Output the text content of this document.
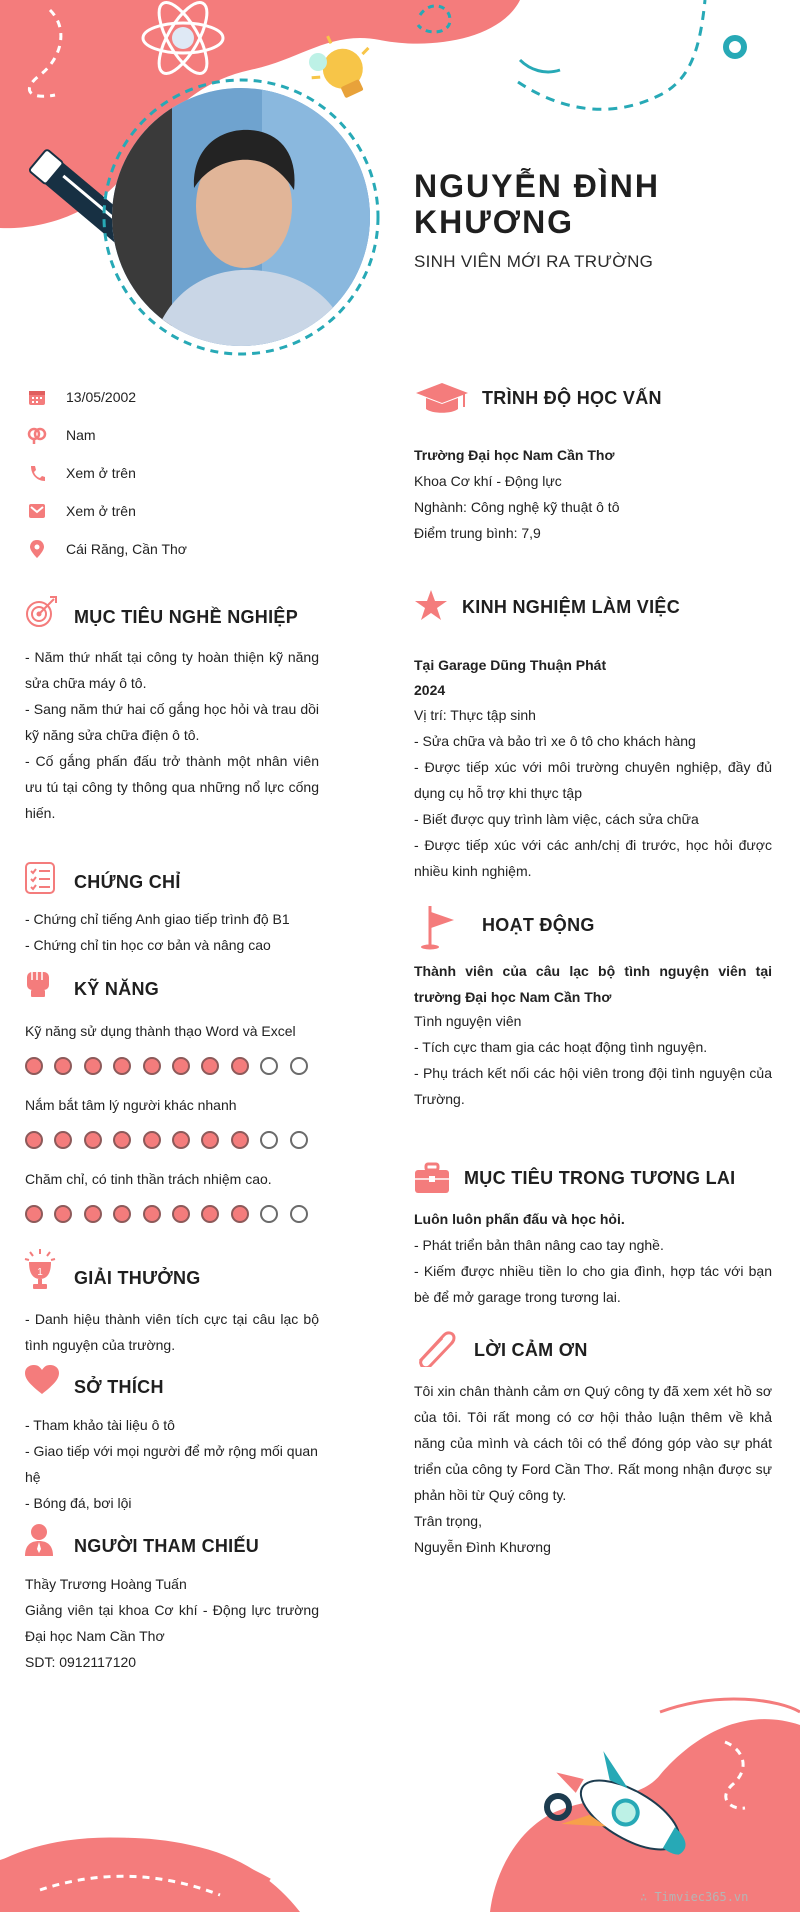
NGUYỄN ĐÌNH KHƯƠNG
SINH VIÊN MỚI RA TRƯỜNG
13/05/2002
Nam
Xem ở trên
Xem ở trên
Cái Răng, Cần Thơ
MỤC TIÊU NGHỀ NGHIỆP
- Năm thứ nhất tại công ty hoàn thiện kỹ năng sửa chữa máy ô tô.
- Sang năm thứ hai cố gắng học hỏi và trau dồi kỹ năng sửa chữa điện ô tô.
- Cố gắng phấn đấu trở thành một nhân viên ưu tú tại công ty thông qua những nổ lực cống hiến.
CHỨNG CHỈ
- Chứng chỉ tiếng Anh giao tiếp trình độ B1
- Chứng chỉ tin học cơ bản và nâng cao
KỸ NĂNG
Kỹ năng sử dụng thành thạo Word và Excel
Nắm bắt tâm lý người khác nhanh
Chăm chỉ, có tinh thần trách nhiệm cao.
1 GIẢI THƯỞNG
- Danh hiệu thành viên tích cực tại câu lạc bộ tình nguyện của trường.
SỞ THÍCH
- Tham khảo tài liệu ô tô
- Giao tiếp với mọi người để mở rộng mối quan hệ
- Bóng đá, bơi lội
NGƯỜI THAM CHIẾU
Thầy Trương Hoàng Tuấn
Giảng viên tại khoa Cơ khí - Động lực trường Đại học Nam Cần Thơ
SDT: 0912117120
TRÌNH ĐỘ HỌC VẤN
Trường Đại học Nam Cần Thơ
Khoa Cơ khí - Động lực
Nghành: Công nghệ kỹ thuật ô tô
Điểm trung bình: 7,9
KINH NGHIỆM LÀM VIỆC
Tại Garage Dũng Thuận Phát
2024
Vị trí: Thực tập sinh
- Sửa chữa và bảo trì xe ô tô cho khách hàng
- Được tiếp xúc với môi trường chuyên nghiệp, đầy đủ dụng cụ hỗ trợ khi thực tập
- Biết được quy trình làm việc, cách sửa chữa
- Được tiếp xúc với các anh/chị đi trước, học hỏi được nhiều kinh nghiệm.
HOẠT ĐỘNG
Thành viên của câu lạc bộ tình nguyện viên tại trường Đại học Nam Cần Thơ
Tình nguyện viên
- Tích cực tham gia các hoạt động tình nguyện.
- Phụ trách kết nối các hội viên trong đội tình nguyện của Trường.
MỤC TIÊU TRONG TƯƠNG LAI
Luôn luôn phấn đấu và học hỏi.
- Phát triển bản thân nâng cao tay nghề.
- Kiếm được nhiều tiền lo cho gia đình, hợp tác với bạn bè để mở garage trong tương lai.
LỜI CẢM ƠN
Tôi xin chân thành cảm ơn Quý công ty đã xem xét hồ sơ của tôi. Tôi rất mong có cơ hội thảo luận thêm về khả năng của mình và cách tôi có thể đóng góp vào sự phát triển của công ty Ford Cần Thơ. Rất mong nhận được sự phản hồi từ Quý công ty.
Trân trọng,
Nguyễn Đình Khương
∴ Timviec365.vn
